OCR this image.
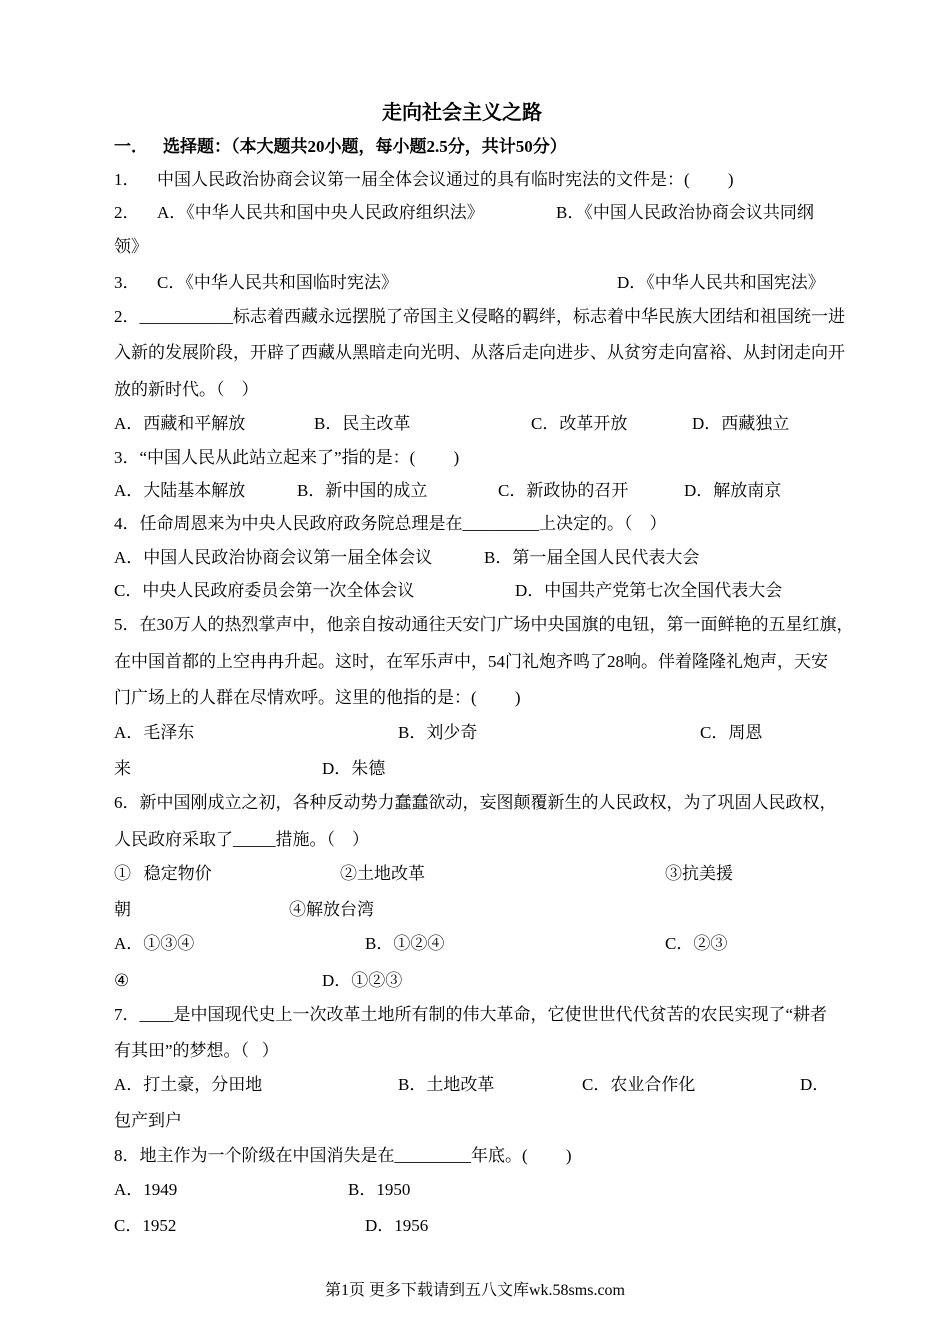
走向社会主义之路
一． 选择题：（本大题共20小题，每小题2.5分，共计50分）
1． 中国人民政治协商会议第一届全体会议通过的具有临时宪法的文件是：(         )
2． A．《中华人民共和国中央人民政府组织法》	B．《中国人民政治协商会议共同纲
领》
3． C．《中华人民共和国临时宪法》	D．《中华人民共和国宪法》
2．___________标志着西藏永远摆脱了帝国主义侵略的羁绊，标志着中华民族大团结和祖国统一进
入新的发展阶段，开辟了西藏从黑暗走向光明、从落后走向进步、从贫穷走向富裕、从封闭走向开
放的新时代。（    ）
A．西藏和平解放	B．民主改革	C．改革开放	D．西藏独立
3．“中国人民从此站立起来了”指的是：(         )
A．大陆基本解放	B．新中国的成立	C．新政协的召开	D．解放南京
4．任命周恩来为中央人民政府政务院总理是在_________上决定的。（    ）
A．中国人民政治协商会议第一届全体会议	B．第一届全国人民代表大会
C．中央人民政府委员会第一次全体会议	D．中国共产党第七次全国代表大会
5．在30万人的热烈掌声中，他亲自按动通往天安门广场中央国旗的电钮，第一面鲜艳的五星红旗，
在中国首都的上空冉冉升起。这时，在军乐声中，54门礼炮齐鸣了28响。伴着隆隆礼炮声，天安
门广场上的人群在尽情欢呼。这里的他指的是：(         )
A．毛泽东	B．刘少奇	C．周恩
来	D．朱德
6．新中国刚成立之初，各种反动势力蠢蠢欲动，妄图颠覆新生的人民政权，为了巩固人民政权，
人民政府采取了_____措施。（    ）
①   稳定物价	②土地改革	③抗美援
朝	④解放台湾
A．①③④	B．①②④	C．②③
④	D．①②③
7．____是中国现代史上一次改革土地所有制的伟大革命，它使世世代代贫苦的农民实现了“耕者
有其田”的梦想。（   ）
A．打土豪，分田地	B．土地改革	C．农业合作化	D．
包产到户
8．地主作为一个阶级在中国消失是在_________年底。(         )
A．1949	B．1950
C．1952	D．1956
第1页 更多下载请到五八文库wk.58sms.com
